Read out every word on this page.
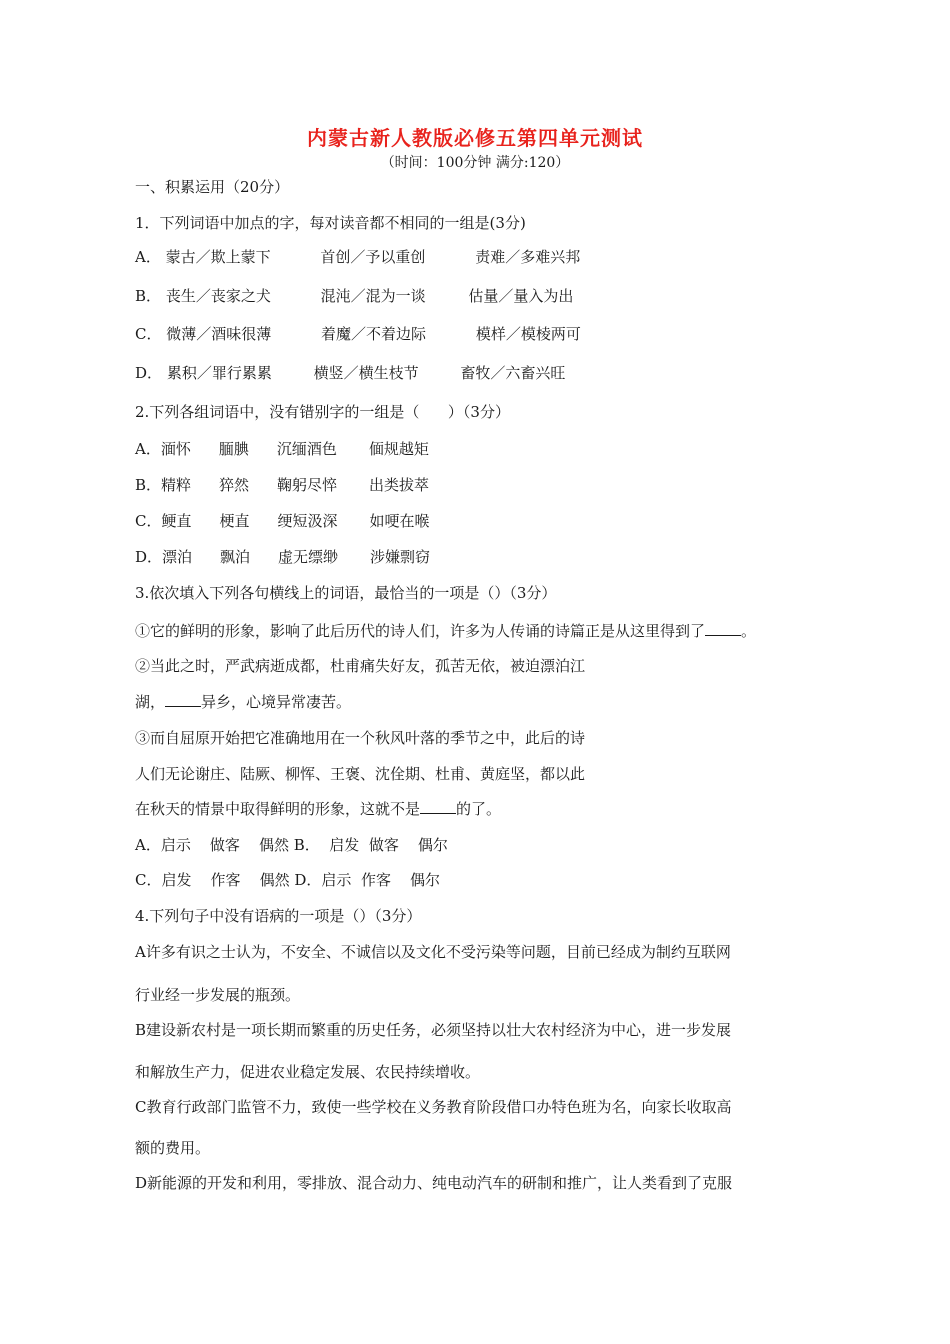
内蒙古新人教版必修五第四单元测试
（时间：100分钟 满分:120）
一、积累运用（20分）
1．下列词语中加点的字，每对读音都不相同的一组是(3分)
A． 蒙古／欺上蒙下	首创／予以重创	责难／多难兴邦
B． 丧生／丧家之犬	混沌／混为一谈	估量／量入为出
C． 微薄／酒味很薄	着魔／不着边际	模样／模棱两可
D． 累积／罪行累累	横竖／横生枝节	畜牧／六畜兴旺
2.下列各组词语中，没有错别字的一组是（      ）（3分）
A．湎怀 腼腆 沉缅酒色 偭规越矩
B．精粹 猝然 鞠躬尽悴 出类拔萃
C．鲠直 梗直 绠短汲深 如哽在喉
D．漂泊 飘泊 虚无缥缈 涉嫌剽窃
3.依次填入下列各句横线上的词语，最恰当的一项是（）（3分）
①它的鲜明的形象，影响了此后历代的诗人们，许多为人传诵的诗篇正是从这里得到了 。
②当此之时，严武病逝成都，杜甫痛失好友，孤苦无依，被迫漂泊江
湖， 异乡，心境异常凄苦。
③而自屈原开始把它准确地用在一个秋风叶落的季节之中，此后的诗
人们无论谢庄、陆厥、柳恽、王褒、沈佺期、杜甫、黄庭坚，都以此
在秋天的情景中取得鲜明的形象，这就不是 的了。
A．启示    做客    偶然 B．  启发  做客    偶尔
C．启发    作客    偶然 D．启示  作客    偶尔
4.下列句子中没有语病的一项是（）（3分）
A许多有识之士认为，不安全、不诚信以及文化不受污染等问题，目前已经成为制约互联网
行业经一步发展的瓶颈。
B建设新农村是一项长期而繁重的历史任务，必须坚持以壮大农村经济为中心，进一步发展
和解放生产力，促进农业稳定发展、农民持续增收。
C教育行政部门监管不力，致使一些学校在义务教育阶段借口办特色班为名，向家长收取高
额的费用。
D新能源的开发和利用，零排放、混合动力、纯电动汽车的研制和推广，让人类看到了克服
